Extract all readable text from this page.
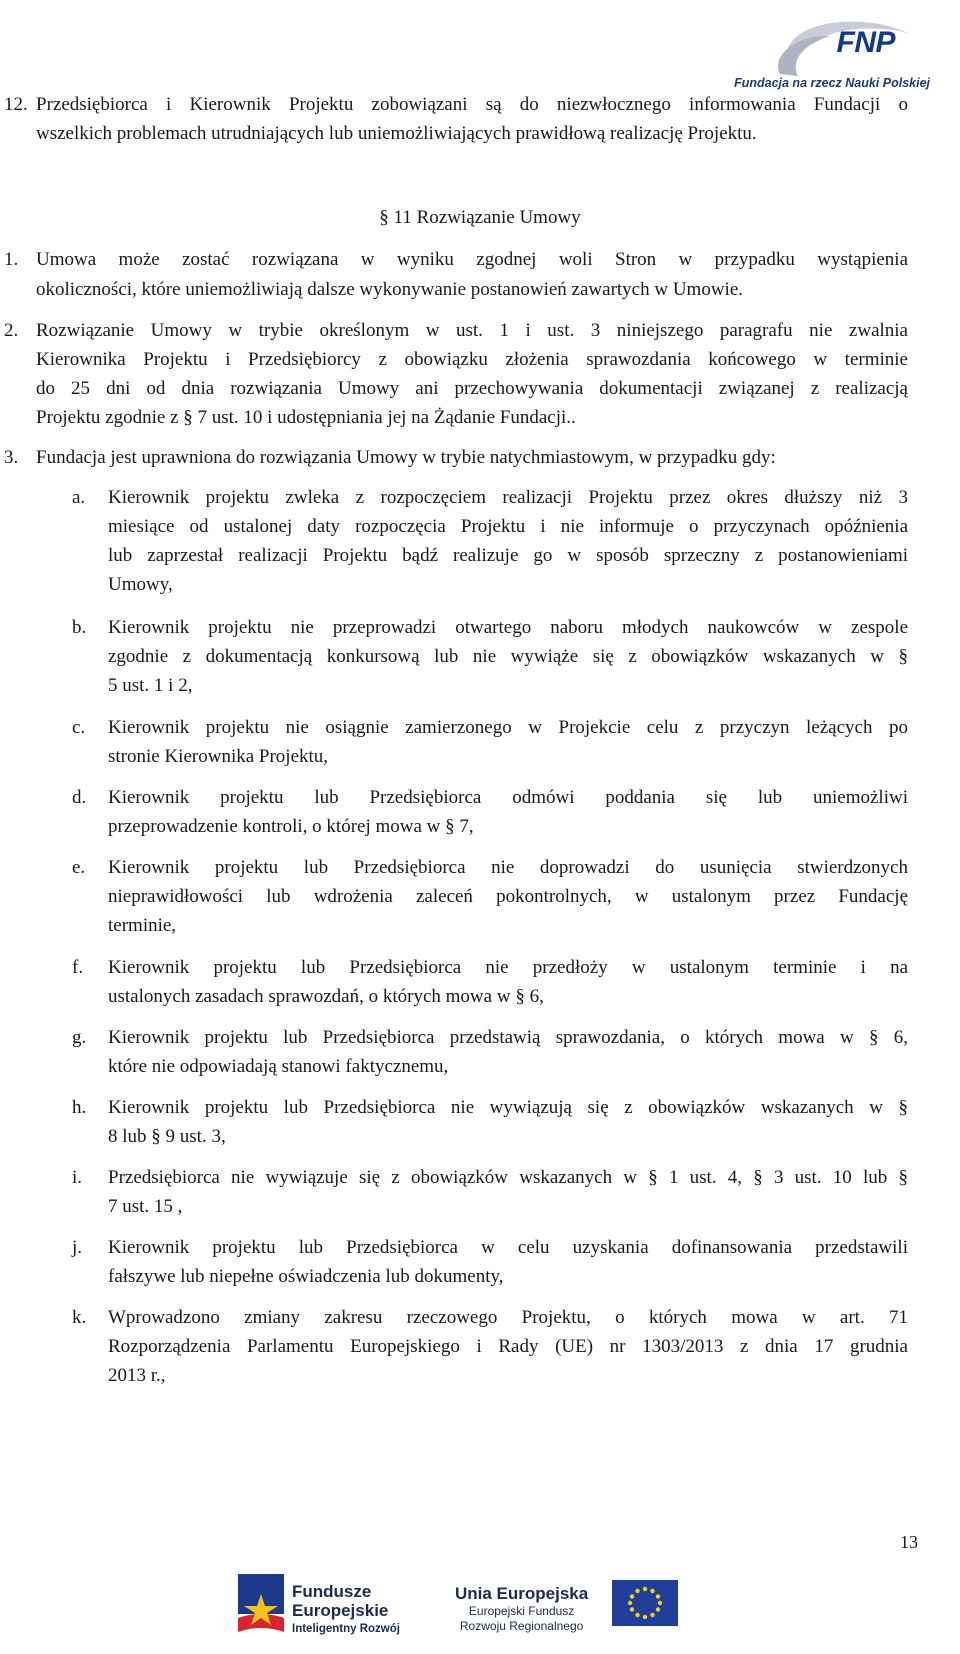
FNP
Fundacja na rzecz Nauki Polskiej
12. Przedsiębiorca i Kierownik Projektu zobowiązani są do niezwłocznego informowania Fundacji o
wszelkich problemach utrudniających lub uniemożliwiających prawidłową realizację Projektu.
§ 11 Rozwiązanie Umowy
1. Umowa może zostać rozwiązana w wyniku zgodnej woli Stron w przypadku wystąpienia
okoliczności, które uniemożliwiają dalsze wykonywanie postanowień zawartych w Umowie.
2. Rozwiązanie Umowy w trybie określonym w ust. 1 i ust. 3 niniejszego paragrafu nie zwalnia
Kierownika Projektu i Przedsiębiorcy z obowiązku złożenia sprawozdania końcowego w terminie
do 25 dni od dnia rozwiązania Umowy ani przechowywania dokumentacji związanej z realizacją
Projektu zgodnie z § 7 ust. 10 i udostępniania jej na Żądanie Fundacji..
3. Fundacja jest uprawniona do rozwiązania Umowy w trybie natychmiastowym, w przypadku gdy:
a. Kierownik projektu zwleka z rozpoczęciem realizacji Projektu przez okres dłuższy niż 3
miesiące od ustalonej daty rozpoczęcia Projektu i nie informuje o przyczynach opóźnienia
lub zaprzestał realizacji Projektu bądź realizuje go w sposób sprzeczny z postanowieniami
Umowy,
b. Kierownik projektu nie przeprowadzi otwartego naboru młodych naukowców w zespole
zgodnie z dokumentacją konkursową lub nie wywiąże się z obowiązków wskazanych w §
5 ust. 1 i 2,
c. Kierownik projektu nie osiągnie zamierzonego w Projekcie celu z przyczyn leżących po
stronie Kierownika Projektu,
d. Kierownik projektu lub Przedsiębiorca odmówi poddania się lub uniemożliwi
przeprowadzenie kontroli, o której mowa w § 7,
e. Kierownik projektu lub Przedsiębiorca nie doprowadzi do usunięcia stwierdzonych
nieprawidłowości lub wdrożenia zaleceń pokontrolnych, w ustalonym przez Fundację
terminie,
f. Kierownik projektu lub Przedsiębiorca nie przedłoży w ustalonym terminie i na
ustalonych zasadach sprawozdań, o których mowa w § 6,
g. Kierownik projektu lub Przedsiębiorca przedstawią sprawozdania, o których mowa w § 6,
które nie odpowiadają stanowi faktycznemu,
h. Kierownik projektu lub Przedsiębiorca nie wywiązują się z obowiązków wskazanych w §
8 lub § 9 ust. 3,
i. Przedsiębiorca nie wywiązuje się z obowiązków wskazanych w § 1 ust. 4, § 3 ust. 10 lub §
7 ust. 15 ,
j. Kierownik projektu lub Przedsiębiorca w celu uzyskania dofinansowania przedstawili
fałszywe lub niepełne oświadczenia lub dokumenty,
k. Wprowadzono zmiany zakresu rzeczowego Projektu, o których mowa w art. 71
Rozporządzenia Parlamentu Europejskiego i Rady (UE) nr 1303/2013 z dnia 17 grudnia
2013 r.,
13
Fundusze
Europejskie
Inteligentny Rozwój
Unia Europejska
Europejski Fundusz
Rozwoju Regionalnego
